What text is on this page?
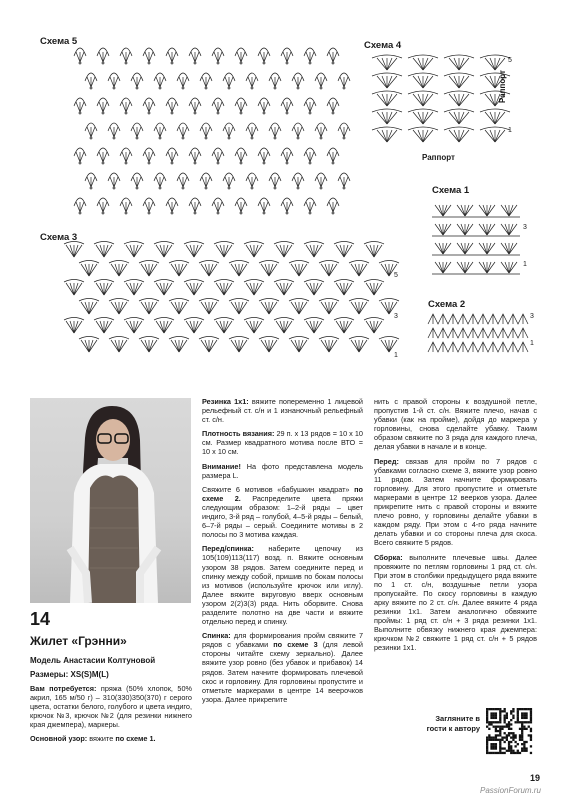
Схема 5	Схема 4
5
1
Раппорт
Раппорт
Схема 1
3
1
Схема 2
3
1
Схема 3
5
3
1
14
Жилет «Грэнни»
Модель Анастасии Колтуновой
Размеры: XS(S)M(L)

Вам потребуется: пряжа (50% хлопок, 50% акрил, 165 м/50 г) – 310(330)350(370) г серого цвета, остатки белого, голубого и цвета индиго, крючок №3, крючок №2 (для резинки нижнего края джемпера), маркеры.

Основной узор: вяжите по схеме 1.

Резинка 1х1: вяжите попеременно 1 лицевой рельефный ст. с/н и 1 изнаночный рельефный ст. с/н.

Плотность вязания: 29 п. х 13 рядов = 10 х 10 см. Размер квадратного мотива после ВТО = 10 х 10 см.

Внимание! На фото представлена модель размера L.

Свяжите 6 мотивов «бабушкин квадрат» по схеме 2. Распределите цвета пряжи следующим образом: 1–2-й ряды – цвет индиго, 3-й ряд – голубой, 4–5-й ряды – белый, 6–7-й ряды – серый. Соедините мотивы в 2 полосы по 3 мотива каждая.

Перед/спинка: наберите цепочку из 105(109)113(117) возд. п. Вяжите основным узором 38 рядов. Затем соедините перед и спинку между собой, пришив по бокам полосы из мотивов (используйте крючок или иглу). Далее вяжите вкруговую вверх основным узором 2(2)3(3) ряда. Нить оборвите. Снова разделите полотно на две части и вяжите отдельно перед и спинку.

Спинка: для формирования пройм свяжите 7 рядов с убавками по схеме 3 (для левой стороны читайте схему зеркально). Далее вяжите узор ровно (без убавок и прибавок) 14 рядов. Затем начните формировать плечевой скос и горловину. Для горловины пропустите и отметьте маркерами в центре 14 веерочков узора. Далее прикрепите

нить с правой стороны к воздушной петле, пропустив 1-й ст. с/н. Вяжите плечо, начав с убавки (как на пройме), дойдя до маркера у горловины, снова сделайте убавку. Таким образом свяжите по 3 ряда для каждого плеча, делая убавки в начале и в конце.

Перед: связав для пройм по 7 рядов с убавками согласно схеме 3, вяжите узор ровно 11 рядов. Затем начните формировать горловину. Для этого пропустите и отметьте маркерами в центре 12 веерков узора. Далее прикрепите нить с правой стороны и вяжите плечо ровно, у горловины делайте убавки в каждом ряду. При этом с 4-го ряда начните делать убавки и со стороны плеча для скоса. Всего свяжите 5 рядов.

Сборка: выполните плечевые швы. Далее провяжите по петлям горловины 1 ряд ст. с/н. При этом в столбики предыдущего ряда вяжите по 1 ст. с/н, воздушные петли узора пропускайте. По скосу горловины в каждую арку вяжите по 2 ст. с/н. Далее вяжите 4 ряда резинки 1х1. Затем аналогично обвяжите проймы: 1 ряд ст. с/н + 3 ряда резинки 1х1. Выполните обвязку нижнего края джемпера: крючком №2 свяжите 1 ряд ст. с/н + 5 рядов резинки 1х1.

Загляните в гости к автору
19
PassionForum.ru
